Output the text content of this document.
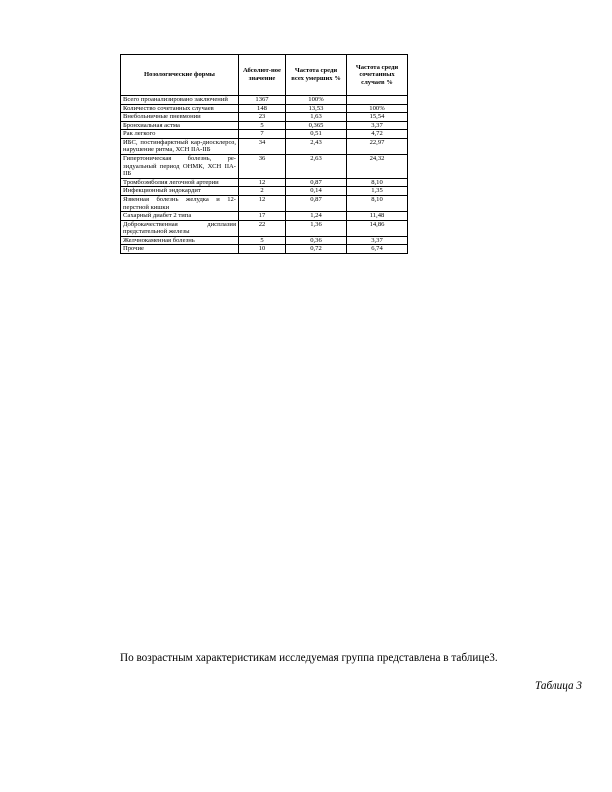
Нозологические формы	Абсолют-ное значение	Частота среди всех умерших %	Частота среди сочетанных случаев %
Всего проанализировано заключений	1367	100%	
Количество сочетанных случаев	148	13,53	100%
Внебольничные пневмонии	23	1,63	15,54
Бронхиальная астма	5	0,365	3,37
Рак легкого	7	0,51	4,72
ИБС, постинфарктный кар-диосклероз, нарушение ритма, ХСН IIА-IIБ	34	2,43	22,97
Гипертоническая болезнь, ре-зидуальный период ОНМК, ХСН IIА- IIБ	36	2,63	24,32
Тромбоэмболия легочной артерии	12	0,87	8,10
Инфекционный эндокардит	2	0,14	1,35
Язвенная болезнь желудка и 12-перстной кишки	12	0,87	8,10
Сахарный диабет 2 типа	17	1,24	11,48
Доброкачественная дисплазия предстательной железы	22	1,36	14,86
Желчнокаменная болезнь	5	0,36	3,37
Прочие	10	0,72	6,74

По возрастным характеристикам исследуемая группа представлена в таблице3.

Таблица 3
